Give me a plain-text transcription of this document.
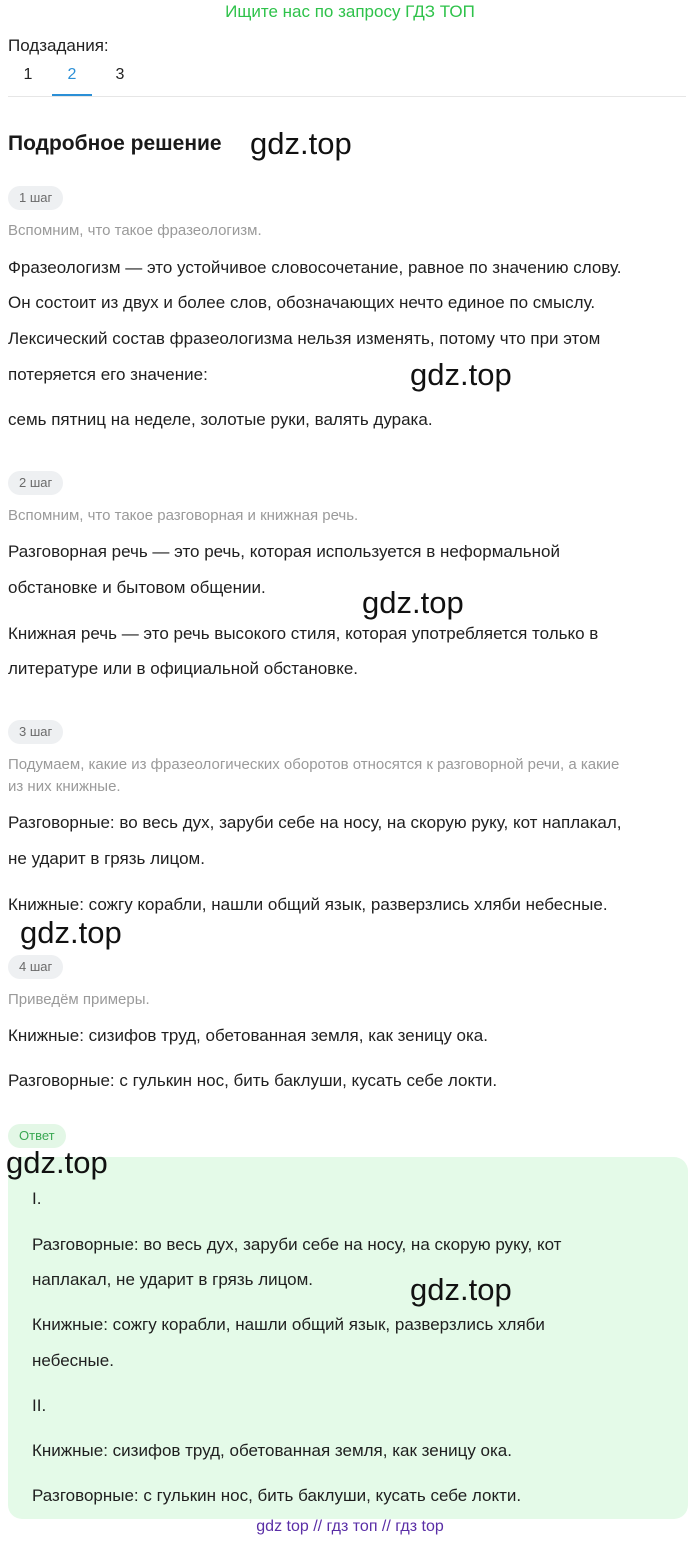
Ищите нас по запросу ГДЗ ТОП
Подзадания:
1	2	3
Подробное решение gdz.top
1 шаг
Вспомним, что такое фразеологизм.
Фразеологизм — это устойчивое словосочетание, равное по значению слову.
Он состоит из двух и более слов, обозначающих нечто единое по смыслу.
Лексический состав фразеологизма нельзя изменять, потому что при этом
потеряется его значение:	gdz.top
семь пятниц на неделе, золотые руки, валять дурака.
2 шаг
Вспомним, что такое разговорная и книжная речь.
Разговорная речь — это речь, которая используется в неформальной
обстановке и бытовом общении.	gdz.top
Книжная речь — это речь высокого стиля, которая употребляется только в
литературе или в официальной обстановке.
3 шаг
Подумаем, какие из фразеологических оборотов относятся к разговорной речи, а какие
из них книжные.
Разговорные: во весь дух, заруби себе на носу, на скорую руку, кот наплакал,
не ударит в грязь лицом.
Книжные: сожгу корабли, нашли общий язык, разверзлись хляби небесные.
gdz.top
4 шаг
Приведём примеры.
Книжные: сизифов труд, обетованная земля, как зеницу ока.
Разговорные: с гулькин нос, бить баклуши, кусать себе локти.
Ответ
gdz.top
I.
Разговорные: во весь дух, заруби себе на носу, на скорую руку, кот
наплакал, не ударит в грязь лицом.	gdz.top
Книжные: сожгу корабли, нашли общий язык, разверзлись хляби
небесные.
II.
Книжные: сизифов труд, обетованная земля, как зеницу ока.
Разговорные: с гулькин нос, бить баклуши, кусать себе локти.
gdz top // гдз топ // гдз top
